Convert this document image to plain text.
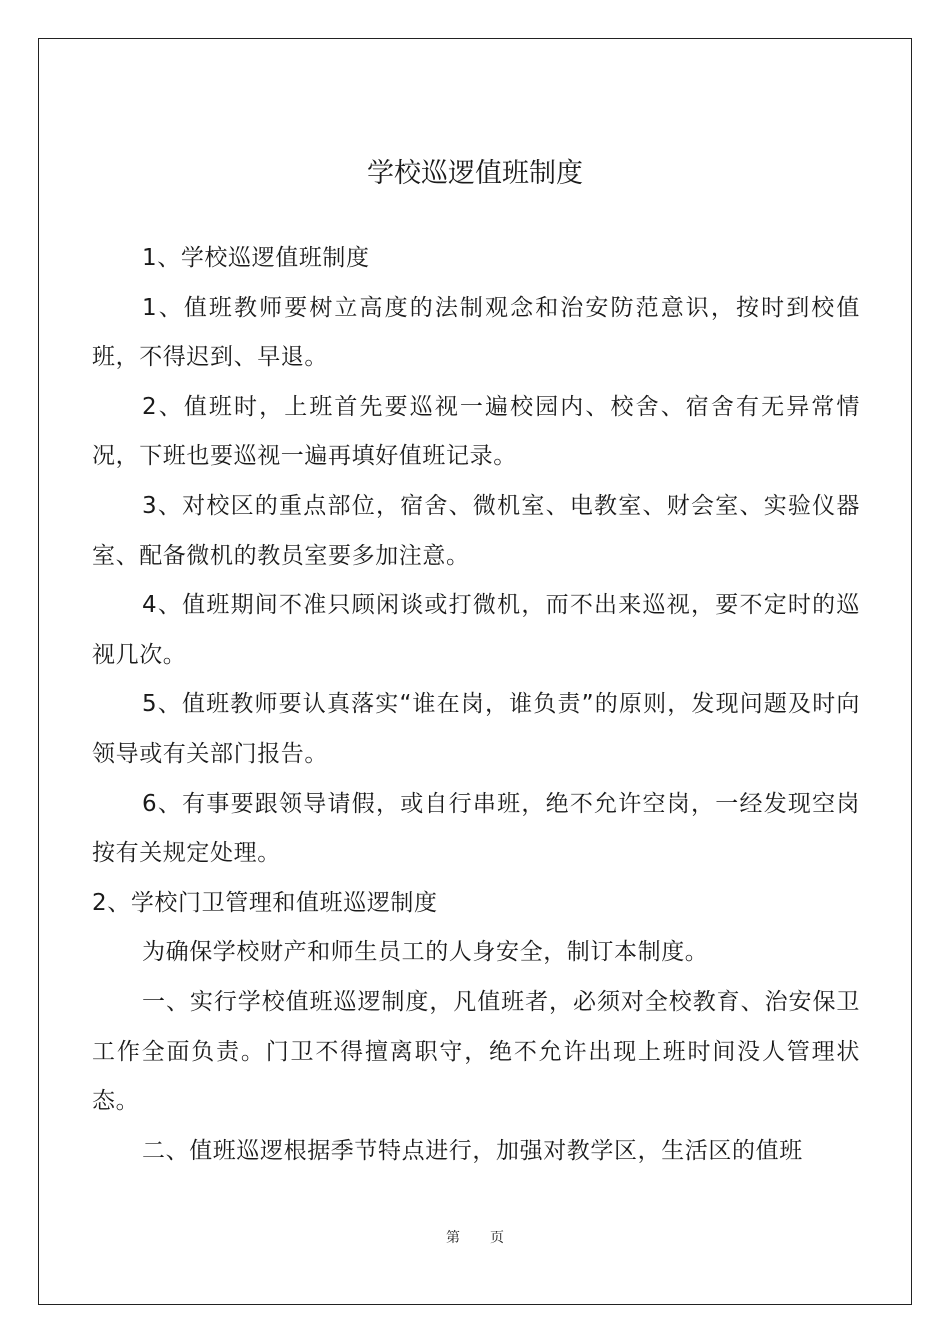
学校巡逻值班制度

1、学校巡逻值班制度

1、值班教师要树立高度的法制观念和治安防范意识，按时到校值班，不得迟到、早退。

2、值班时，上班首先要巡视一遍校园内、校舍、宿舍有无异常情况，下班也要巡视一遍再填好值班记录。

3、对校区的重点部位，宿舍、微机室、电教室、财会室、实验仪器室、配备微机的教员室要多加注意。

4、值班期间不准只顾闲谈或打微机，而不出来巡视，要不定时的巡视几次。

5、值班教师要认真落实“谁在岗，谁负责”的原则，发现问题及时向领导或有关部门报告。

6、有事要跟领导请假，或自行串班，绝不允许空岗，一经发现空岗按有关规定处理。

2、学校门卫管理和值班巡逻制度

为确保学校财产和师生员工的人身安全，制订本制度。

一、实行学校值班巡逻制度，凡值班者，必须对全校教育、治安保卫工作全面负责。门卫不得擅离职守，绝不允许出现上班时间没人管理状态。

二、值班巡逻根据季节特点进行，加强对教学区，生活区的值班

第 页
